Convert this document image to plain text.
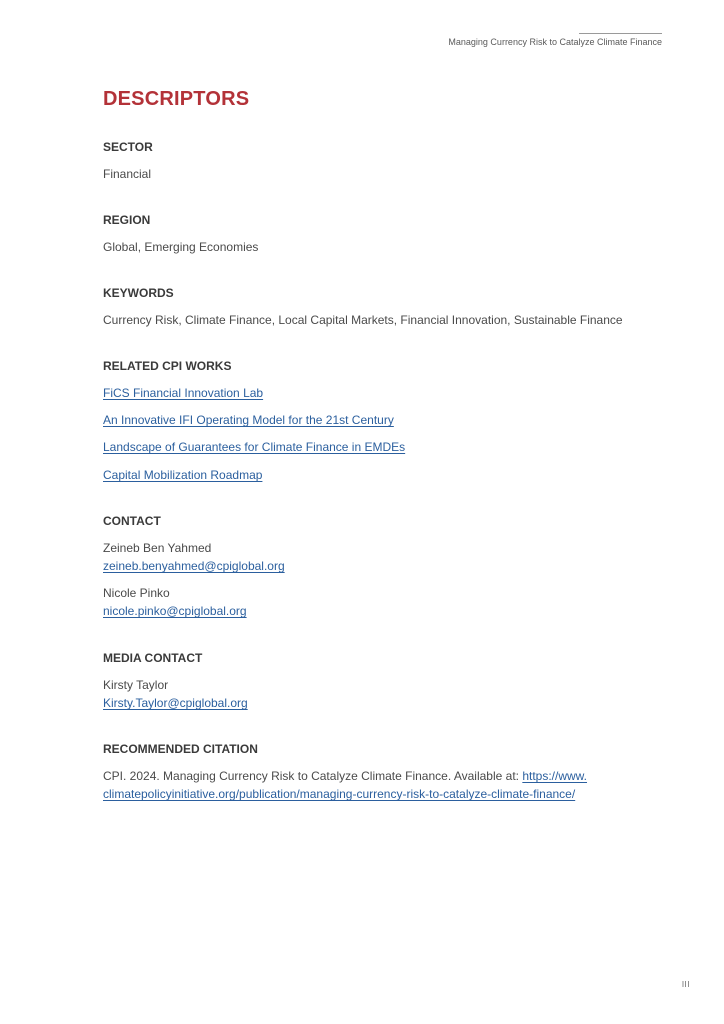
Managing Currency Risk to Catalyze Climate Finance
DESCRIPTORS

SECTOR

Financial

REGION

Global, Emerging Economies

KEYWORDS

Currency Risk, Climate Finance, Local Capital Markets, Financial Innovation, Sustainable Finance

RELATED CPI WORKS

FiCS Financial Innovation Lab
An Innovative IFI Operating Model for the 21st Century
Landscape of Guarantees for Climate Finance in EMDEs
Capital Mobilization Roadmap

CONTACT

Zeineb Ben Yahmed
zeineb.benyahmed@cpiglobal.org
Nicole Pinko
nicole.pinko@cpiglobal.org

MEDIA CONTACT

Kirsty Taylor
Kirsty.Taylor@cpiglobal.org

RECOMMENDED CITATION

CPI. 2024. Managing Currency Risk to Catalyze Climate Finance. Available at: https://www.
climatepolicyinitiative.org/publication/managing-currency-risk-to-catalyze-climate-finance/

III
